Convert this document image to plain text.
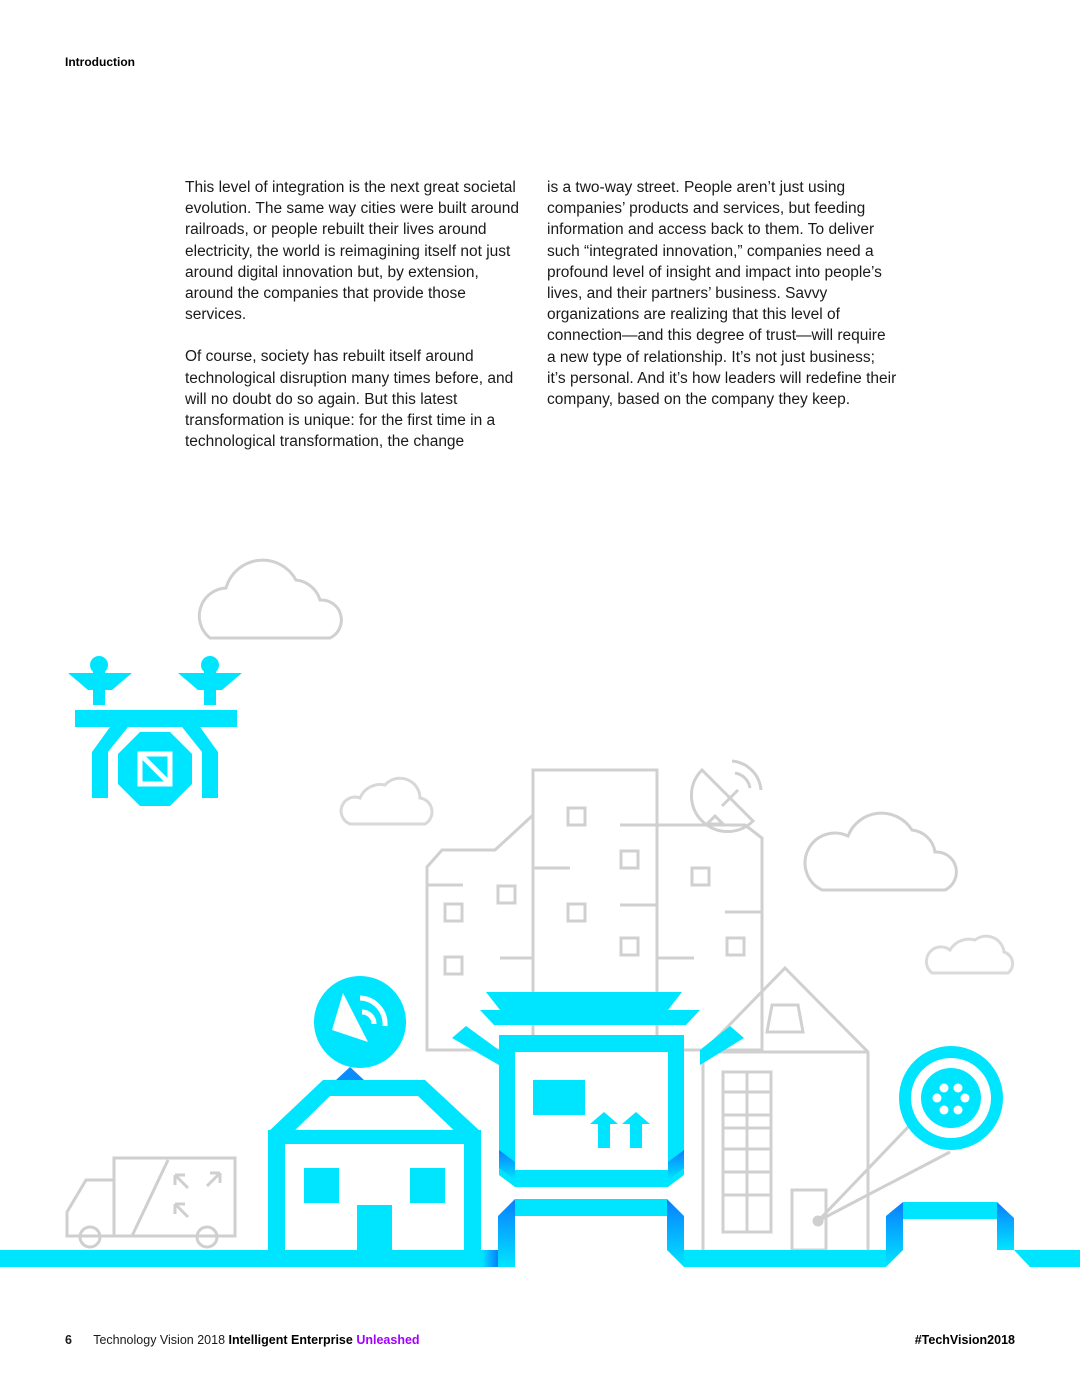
Introduction

This level of integration is the next great societal evolution. The same way cities were built around railroads, or people rebuilt their lives around electricity, the world is reimagining itself not just around digital innovation but, by extension, around the companies that provide those services.

Of course, society has rebuilt itself around technological disruption many times before, and will no doubt do so again. But this latest transformation is unique: for the first time in a technological transformation, the change

is a two-way street. People aren’t just using companies’ products and services, but feeding information and access back to them. To deliver such “integrated innovation,” companies need a profound level of insight and impact into people’s lives, and their partners’ business. Savvy organizations are realizing that this level of connection—and this degree of trust—will require a new type of relationship. It’s not just business; it’s personal. And it’s how leaders will redefine their company, based on the company they keep.

6 Technology Vision 2018 Intelligent Enterprise Unleashed	#TechVision2018
